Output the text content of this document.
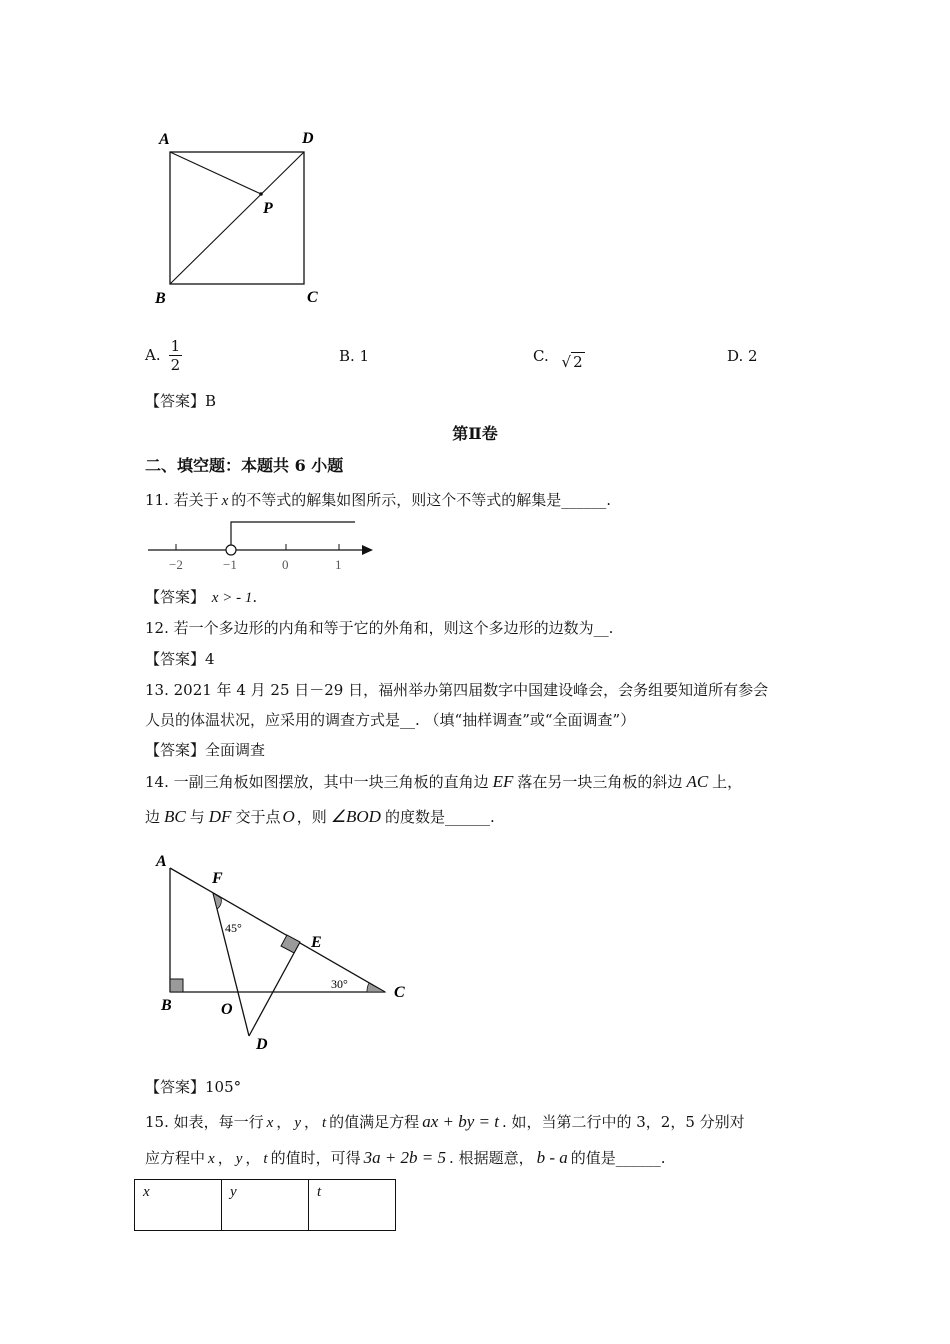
A	D
P
B	C
A. $\frac{1}{2}$	B. 1	C. √ 2	D. 2
【答案】B
第Ⅱ卷
二、填空题：本题共 6 小题
11. 若关于 x 的不等式的解集如图所示，则这个不等式的解集是______.
−2	−1	0	1
【答案】 x > - 1.
12. 若一个多边形的内角和等于它的外角和，则这个多边形的边数为__.
【答案】4
13. 2021 年 4 月 25 日－29 日，福州举办第四届数字中国建设峰会，会务组要知道所有参会
人员的体温状况，应采用的调查方式是__. （填“抽样调查”或“全面调查”）
【答案】全面调查
14. 一副三角板如图摆放，其中一块三角板的直角边 EF 落在另一块三角板的斜边 AC 上，
边 BC 与 DF 交于点 O ，则 ∠BOD 的度数是______.
A
F
E
C
B	O
D
45°
30°
【答案】105°
15. 如表，每一行 x ， y ， t 的值满足方程 ax + by = t . 如，当第二行中的 3，2，5 分别对
应方程中 x ， y ， t 的值时，可得 3a + 2b = 5 . 根据题意， b - a 的值是______.
x	y	t
